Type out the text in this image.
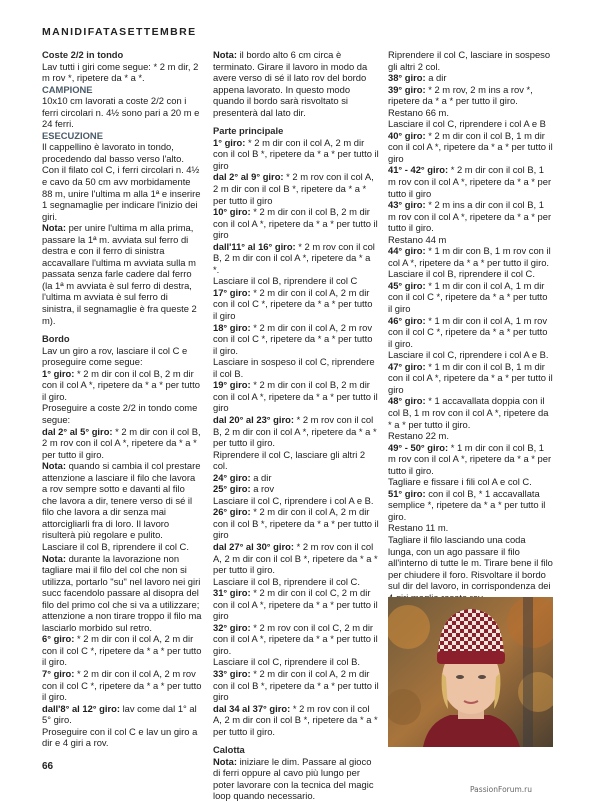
MANIDIFATASETTEMBRE

Coste 2/2 in tondo

Lav tutti i giri come segue: * 2 m dir, 2 m rov *, ripetere da * a *.

CAMPIONE

10x10 cm lavorati a coste 2/2 con i ferri circolari n. 4½ sono pari a 20 m e 24 ferri.

ESECUZIONE

Il cappellino è lavorato in tondo, procedendo dal basso verso l'alto.

Con il filato col C, i ferri circolari n. 4½ e cavo da 50 cm avv morbidamente 88 m, unire l'ultima m alla 1ª e inserire 1 segnamaglie per indicare l'inizio dei giri.

Nota: per unire l'ultima m alla prima, passare la 1ª m. avviata sul ferro di destra e con il ferro di sinistra accavallare l'ultima m avviata sulla m passata senza farle cadere dal ferro (la 1ª m avviata è sul ferro di destra, l'ultima m avviata è sul ferro di sinistra, il segnamaglie è fra queste 2 m).

Bordo

Lav un giro a rov, lasciare il col C e proseguire come segue:

1° giro: * 2 m dir con il col B, 2 m dir con il col A *, ripetere da * a * per tutto il giro.

Proseguire a coste 2/2 in tondo come segue:

dal 2° al 5° giro: * 2 m dir con il col B, 2 m rov con il col A *, ripetere da * a * per tutto il giro.

Nota: quando si cambia il col prestare attenzione a lasciare il filo che lavora a rov sempre sotto e davanti al filo che lavora a dir, tenere verso di sé il filo che lavora a dir senza mai attorcigliarli fra di loro. Il lavoro risulterà più regolare e pulito.

Lasciare il col B, riprendere il col C.

Nota: durante la lavorazione non tagliare mai il filo del col che non si utilizza, portarlo "su" nel lavoro nei giri succ facendolo passare al disopra del filo del primo col che si va a utilizzare; attenzione a non tirare troppo il filo ma lasciarlo morbido sul retro.

6° giro: * 2 m dir con il col A, 2 m dir con il col C *, ripetere da * a * per tutto il giro.

7° giro: * 2 m dir con il col A, 2 m rov con il col C *, ripetere da * a * per tutto il giro.

dall'8° al 12° giro: lav come dal 1° al 5° giro.

Proseguire con il col C e lav un giro a dir e 4 giri a rov.

Nota: il bordo alto 6 cm circa è terminato. Girare il lavoro in modo da avere verso di sé il lato rov del bordo appena lavorato. In questo modo quando il bordo sarà risvoltato si presenterà dal lato dir.

Parte principale

1° giro: * 2 m dir con il col A, 2 m dir con il col B *, ripetere da * a * per tutto il giro

dal 2° al 9° giro: * 2 m rov con il col A, 2 m dir con il col B *, ripetere da * a * per tutto il giro

10° giro: * 2 m dir con il col B, 2 m dir con il col A *, ripetere da * a * per tutto il giro

dall'11° al 16° giro: * 2 m rov con il col B, 2 m dir con il col A *, ripetere da * a *.

Lasciare il col B, riprendere il col C

17° giro: * 2 m dir con il col A, 2 m dir con il col C *, ripetere da * a * per tutto il giro

18° giro: * 2 m dir con il col A, 2 m rov con il col C *, ripetere da * a * per tutto il giro.

Lasciare in sospeso il col C, riprendere il col B.

19° giro: * 2 m dir con il col B, 2 m dir con il col A *, ripetere da * a * per tutto il giro

dal 20° al 23° giro: * 2 m rov con il col B, 2 m dir con il col A *, ripetere da * a * per tutto il giro.

Riprendere il col C, lasciare gli altri 2 col.

24° giro: a dir

25° giro: a rov

Lasciare il col C, riprendere i col A e B.

26° giro: * 2 m dir con il col A, 2 m dir con il col B *, ripetere da * a * per tutto il giro

dal 27° al 30° giro: * 2 m rov con il col A, 2 m dir con il col B *, ripetere da * a * per tutto il giro.

Lasciare il col B, riprendere il col C.

31° giro: * 2 m dir con il col C, 2 m dir con il col A *, ripetere da * a * per tutto il giro

32° giro: * 2 m rov con il col C, 2 m dir con il col A *, ripetere da * a * per tutto il giro.

Lasciare il col C, riprendere il col B.

33° giro: * 2 m dir con il col A, 2 m dir con il col B *, ripetere da * a * per tutto il giro

dal 34 al 37° giro: * 2 m rov con il col A, 2 m dir con il col B *, ripetere da * a * per tutto il giro.

Calotta

Nota: iniziare le dim. Passare al gioco di ferri oppure al cavo più lungo per poter lavorare con la tecnica del magic loop quando necessario.

Riprendere il col C, lasciare in sospeso gli altri 2 col.

38° giro: a dir

39° giro: * 2 m rov, 2 m ins a rov *, ripetere da * a * per tutto il giro.

Restano 66 m.

Lasciare il col C, riprendere i col A e B

40° giro: * 2 m dir con il col B, 1 m dir con il col A *, ripetere da * a * per tutto il giro

41° - 42° giro: * 2 m dir con il col B, 1 m rov con il col A *, ripetere da * a * per tutto il giro

43° giro: * 2 m ins a dir con il col B, 1 m rov con il col A *, ripetere da * a * per tutto il giro.

Restano 44 m

44° giro: * 1 m dir con B, 1 m rov con il col A *, ripetere da * a * per tutto il giro.

Lasciare il col B, riprendere il col C.

45° giro: * 1 m dir con il col A, 1 m dir con il col C *, ripetere da * a * per tutto il giro

46° giro: * 1 m dir con il col A, 1 m rov con il col C *, ripetere da * a * per tutto il giro.

Lasciare il col C, riprendere i col A e B.

47° giro: * 1 m dir con il col B, 1 m dir con il col A *, ripetere da * a * per tutto il giro

48° giro: * 1 accavallata doppia con il col B, 1 m rov con il col A *, ripetere da * a * per tutto il giro.

Restano 22 m.

49° - 50° giro: * 1 m dir con il col B, 1 m rov con il col A *, ripetere da * a * per tutto il giro.

Tagliare e fissare i fili col A e col C.

51° giro: con il col B, * 1 accavallata semplice *, ripetere da * a * per tutto il giro.

Restano 11 m.

Tagliare il filo lasciando una coda lunga, con un ago passare il filo all'interno di tutte le m. Tirare bene il filo per chiudere il foro. Risvoltare il bordo sul dir del lavoro, in corrispondenza dei

66
PassionForum.ru
